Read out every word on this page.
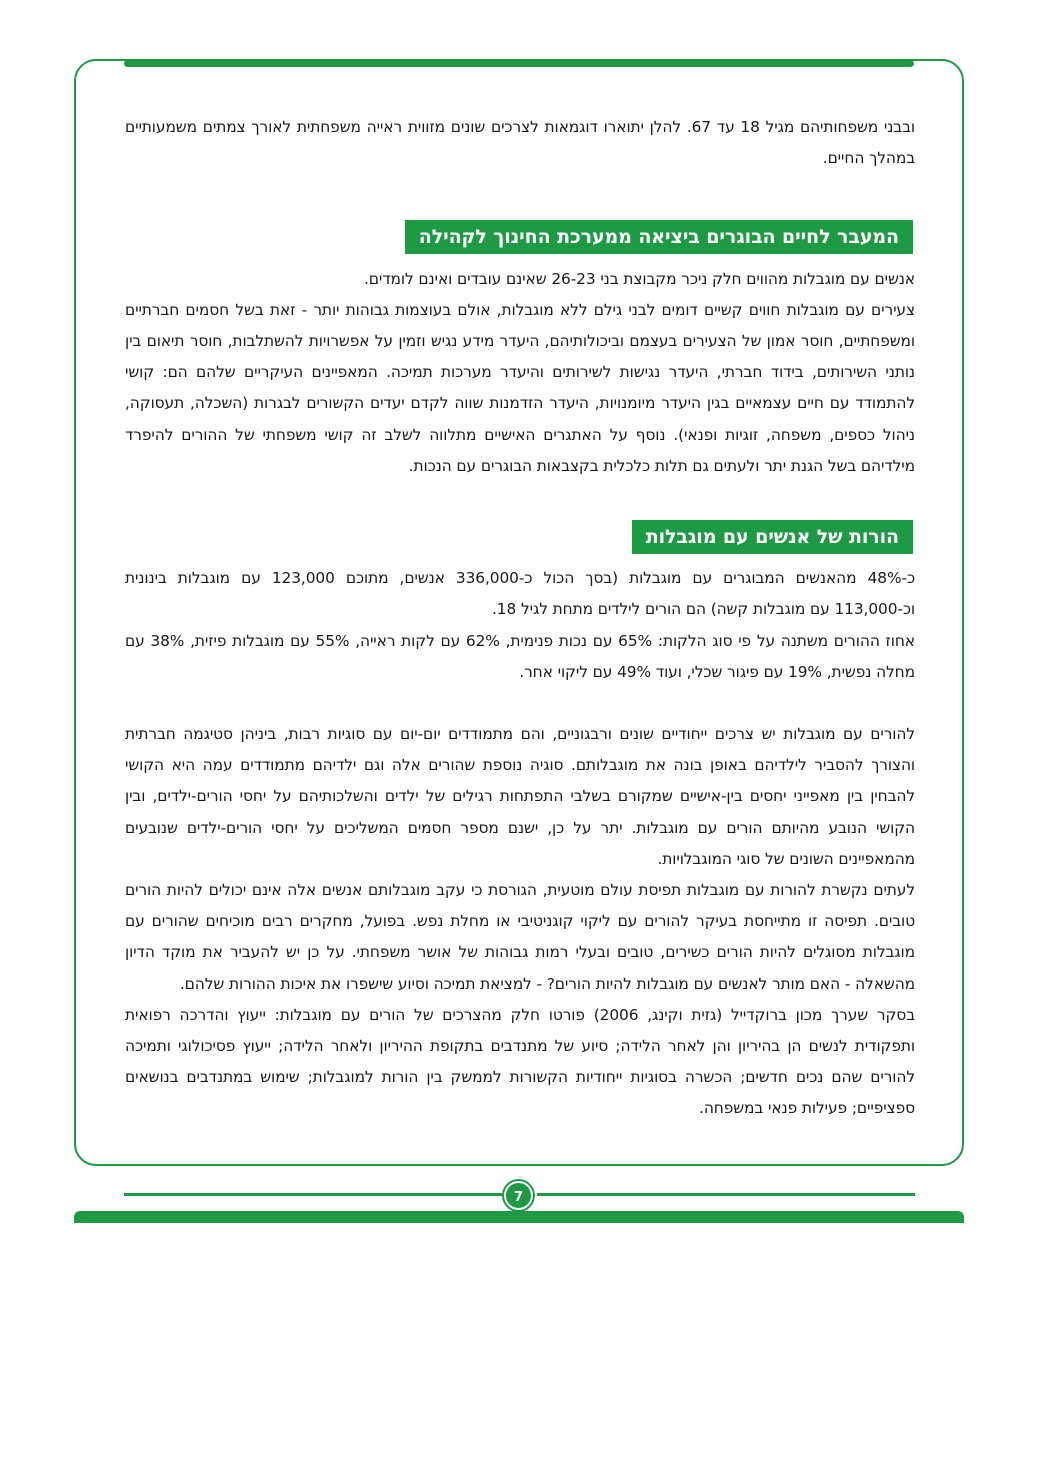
ובבני משפחותיהם מגיל 18 עד 67. להלן יתוארו דוגמאות לצרכים שונים מזווית ראייה משפחתית לאורך צמתים משמעותיים במהלך החיים.

המעבר לחיים הבוגרים ביציאה ממערכת החינוך לקהילה

אנשים עם מוגבלות מהווים חלק ניכר מקבוצת בני 26-23 שאינם עובדים ואינם לומדים.

צעירים עם מוגבלות חווים קשיים דומים לבני גילם ללא מוגבלות, אולם בעוצמות גבוהות יותר - זאת בשל חסמים חברתיים ומשפחתיים, חוסר אמון של הצעירים בעצמם וביכולותיהם, היעדר מידע נגיש וזמין על אפשרויות להשתלבות, חוסר תיאום בין נותני השירותים, בידוד חברתי, היעדר נגישות לשירותים והיעדר מערכות תמיכה. המאפיינים העיקריים שלהם הם: קושי להתמודד עם חיים עצמאיים בגין היעדר מיומנויות, היעדר הזדמנות שווה לקדם יעדים הקשורים לבגרות (השכלה, תעסוקה, ניהול כספים, משפחה, זוגיות ופנאי). נוסף על האתגרים האישיים מתלווה לשלב זה קושי משפחתי של ההורים להיפרד מילדיהם בשל הגנת יתר ולעתים גם תלות כלכלית בקצבאות הבוגרים עם הנכות.

הורות של אנשים עם מוגבלות

כ-48% מהאנשים המבוגרים עם מוגבלות (בסך הכול כ-336,000 אנשים, מתוכם 123,000 עם מוגבלות בינונית וכ-113,000 עם מוגבלות קשה) הם הורים לילדים מתחת לגיל 18.

אחוז ההורים משתנה על פי סוג הלקות: 65% עם נכות פנימית, 62% עם לקות ראייה, 55% עם מוגבלות פיזית, 38% עם מחלה נפשית, 19% עם פיגור שכלי, ועוד 49% עם ליקוי אחר.

להורים עם מוגבלות יש צרכים ייחודיים שונים ורבגוניים, והם מתמודדים יום-יום עם סוגיות רבות, ביניהן סטיגמה חברתית והצורך להסביר לילדיהם באופן בונה את מוגבלותם. סוגיה נוספת שהורים אלה וגם ילדיהם מתמודדים עמה היא הקושי להבחין בין מאפייני יחסים בין-אישיים שמקורם בשלבי התפתחות רגילים של ילדים והשלכותיהם על יחסי הורים-ילדים, ובין הקושי הנובע מהיותם הורים עם מוגבלות. יתר על כן, ישנם מספר חסמים המשליכים על יחסי הורים-ילדים שנובעים מהמאפיינים השונים של סוגי המוגבלויות.

לעתים נקשרת להורות עם מוגבלות תפיסת עולם מוטעית, הגורסת כי עקב מוגבלותם אנשים אלה אינם יכולים להיות הורים טובים. תפיסה זו מתייחסת בעיקר להורים עם ליקוי קוגניטיבי או מחלת נפש. בפועל, מחקרים רבים מוכיחים שהורים עם מוגבלות מסוגלים להיות הורים כשירים, טובים ובעלי רמות גבוהות של אושר משפחתי. על כן יש להעביר את מוקד הדיון מהשאלה - האם מותר לאנשים עם מוגבלות להיות הורים? - למציאת תמיכה וסיוע שישפרו את איכות ההורות שלהם.

בסקר שערך מכון ברוקדייל (גזית וקינג, 2006) פורטו חלק מהצרכים של הורים עם מוגבלות: ייעוץ והדרכה רפואית ותפקודית לנשים הן בהיריון והן לאחר הלידה; סיוע של מתנדבים בתקופת ההיריון ולאחר הלידה; ייעוץ פסיכולוגי ותמיכה להורים שהם נכים חדשים; הכשרה בסוגיות ייחודיות הקשורות לממשק בין הורות למוגבלות; שימוש במתנדבים בנושאים ספציפיים; פעילות פנאי במשפחה.

7
